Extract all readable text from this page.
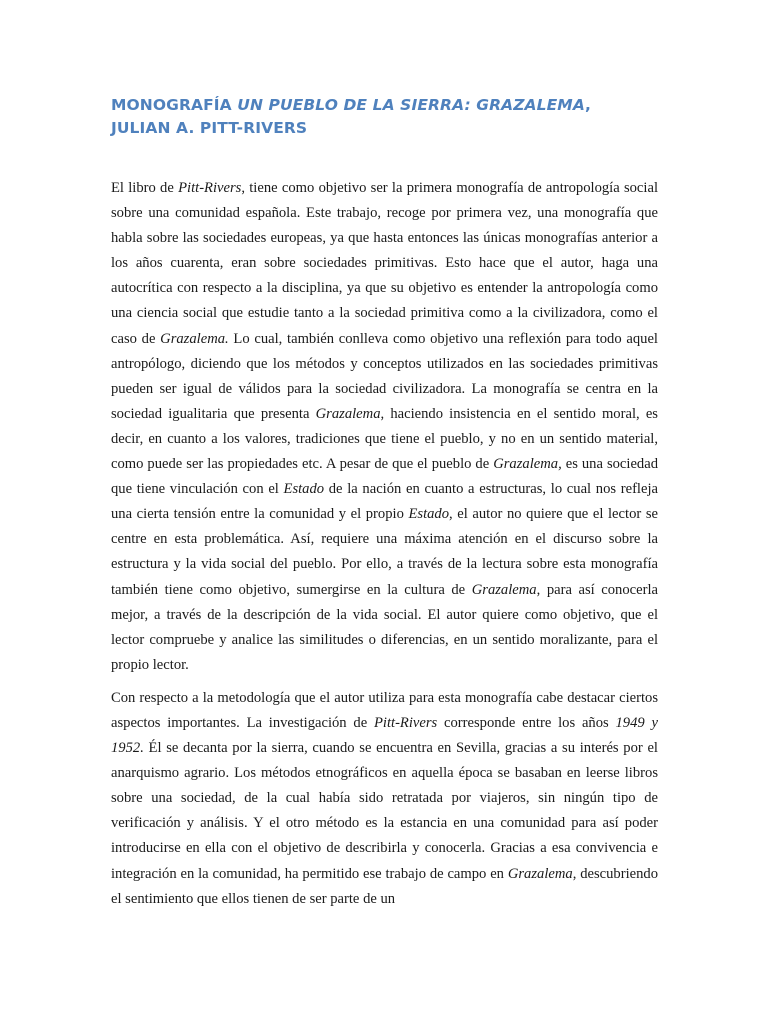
MONOGRAFÍA UN PUEBLO DE LA SIERRA: GRAZALEMA,
JULIAN A. PITT-RIVERS

El libro de Pitt-Rivers, tiene como objetivo ser la primera monografía de antropología social sobre una comunidad española. Este trabajo, recoge por primera vez, una monografía que habla sobre las sociedades europeas, ya que hasta entonces las únicas monografías anterior a los años cuarenta, eran sobre sociedades primitivas. Esto hace que el autor, haga una autocrítica con respecto a la disciplina, ya que su objetivo es entender la antropología como una ciencia social que estudie tanto a la sociedad primitiva como a la civilizadora, como el caso de Grazalema. Lo cual, también conlleva como objetivo una reflexión para todo aquel antropólogo, diciendo que los métodos y conceptos utilizados en las sociedades primitivas pueden ser igual de válidos para la sociedad civilizadora. La monografía se centra en la sociedad igualitaria que presenta Grazalema, haciendo insistencia en el sentido moral, es decir, en cuanto a los valores, tradiciones que tiene el pueblo, y no en un sentido material, como puede ser las propiedades etc. A pesar de que el pueblo de Grazalema, es una sociedad que tiene vinculación con el Estado de la nación en cuanto a estructuras, lo cual nos refleja una cierta tensión entre la comunidad y el propio Estado, el autor no quiere que el lector se centre en esta problemática. Así, requiere una máxima atención en el discurso sobre la estructura y la vida social del pueblo. Por ello, a través de la lectura sobre esta monografía también tiene como objetivo, sumergirse en la cultura de Grazalema, para así conocerla mejor, a través de la descripción de la vida social. El autor quiere como objetivo, que el lector compruebe y analice las similitudes o diferencias, en un sentido moralizante, para el propio lector.

Con respecto a la metodología que el autor utiliza para esta monografía cabe destacar ciertos aspectos importantes. La investigación de Pitt-Rivers corresponde entre los años 1949 y 1952. Él se decanta por la sierra, cuando se encuentra en Sevilla, gracias a su interés por el anarquismo agrario. Los métodos etnográficos en aquella época se basaban en leerse libros sobre una sociedad, de la cual había sido retratada por viajeros, sin ningún tipo de verificación y análisis. Y el otro método es la estancia en una comunidad para así poder introducirse en ella con el objetivo de describirla y conocerla. Gracias a esa convivencia e integración en la comunidad, ha permitido ese trabajo de campo en Grazalema, descubriendo el sentimiento que ellos tienen de ser parte de un
